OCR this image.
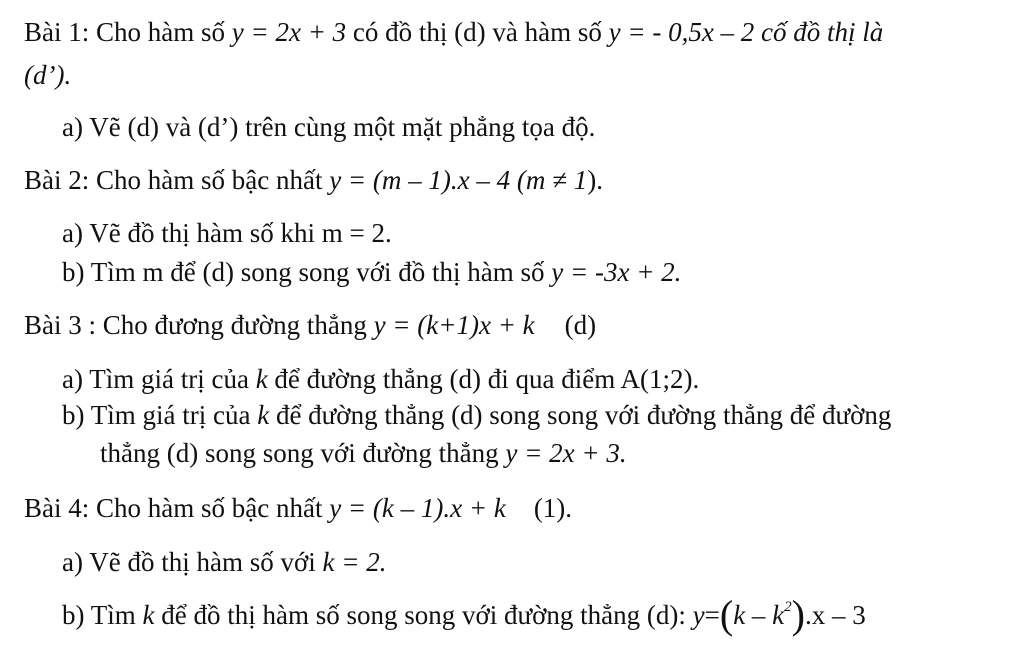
Bài 1: Cho hàm số y = 2x + 3 có đồ thị (d) và hàm số y = - 0,5x – 2 cố đồ thị là
(d’).
a) Vẽ (d) và (d’) trên cùng một mặt phẳng tọa độ.
Bài 2: Cho hàm số bậc nhất y = (m – 1).x – 4 (m ≠ 1).
a) Vẽ đồ thị hàm số khi m = 2.
b) Tìm m để (d) song song với đồ thị hàm số y = -3x + 2.
Bài 3 : Cho đương đường thẳng y = (k+1)x + k (d)
a) Tìm giá trị của k để đường thẳng (d) đi qua điểm A(1;2).
b) Tìm giá trị của k để đường thẳng (d) song song với đường thẳng để đường
thẳng (d) song song với đường thẳng y = 2x + 3.
Bài 4: Cho hàm số bậc nhất y = (k – 1).x + k (1).
a) Vẽ đồ thị hàm số với k = 2.
b) Tìm k để đồ thị hàm số song song với đường thẳng (d): $y=(k - k^2).x - 3$
